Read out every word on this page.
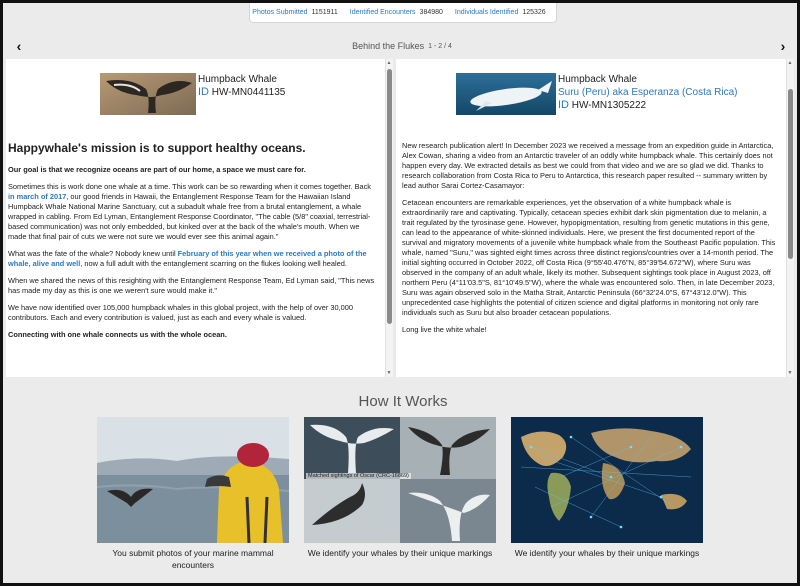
Photos Submitted 1151911 Identified Encounters 384980 Individuals Identified 125326
‹	Behind the Flukes 1 - 2 / 4	›
Humpback Whale
ID HW-MN0441135
Happywhale's mission is to support healthy oceans.

Our goal is that we recognize oceans are part of our home, a space we must care for.

Sometimes this is work done one whale at a time. This work can be so rewarding when it comes together. Back in march of 2017, our good friends in Hawaii, the Entanglement Response Team for the Hawaiian Island Humpback Whale National Marine Sanctuary, cut a subadult whale free from a brutal entanglement, a whale wrapped in cabling. From Ed Lyman, Entanglement Response Coordinator, "The cable (5/8" coaxial, terrestrial-based communication) was not only embedded, but kinked over at the back of the whale's mouth. When we made that final pair of cuts we were not sure we would ever see this animal again."

What was the fate of the whale? Nobody knew until February of this year when we received a photo of the whale, alive and well, now a full adult with the entanglement scarring on the flukes looking well healed.

When we shared the news of this resighting with the Entanglement Response Team, Ed Lyman said, "This news has made my day as this is one we weren't sure would make it."

We have now identified over 105,000 humpback whales in this global project, with the help of over 30,000 contributors. Each and every contribution is valued, just as each and every whale is valued.

Connecting with one whale connects us with the whole ocean.

▲
▼
Humpback Whale
Suru (Peru) aka Esperanza (Costa Rica)
ID HW-MN1305222

New research publication alert! In December 2023 we received a message from an expedition guide in Antarctica, Alex Cowan, sharing a video from an Antarctic traveler of an oddly white humpback whale. This certainly does not happen every day. We extracted details as best we could from that video and we are so glad we did. Thanks to research collaboration from Costa Rica to Peru to Antarctica, this research paper resulted -- summary written by lead author Sarai Cortez-Casamayor:

Cetacean encounters are remarkable experiences, yet the observation of a white humpback whale is extraordinarily rare and captivating. Typically, cetacean species exhibit dark skin pigmentation due to melanin, a trait regulated by the tyrosinase gene. However, hypopigmentation, resulting from genetic mutations in this gene, can lead to the appearance of white-skinned individuals. Here, we present the first documented report of the survival and migratory movements of a juvenile white humpback whale from the Southeast Pacific population. This whale, named "Suru," was sighted eight times across three distinct regions/countries over a 14-month period. The initial sighting occurred in October 2022, off Costa Rica (9°55'40.476"N, 85°39'54.672"W), where Suru was observed in the company of an adult whale, likely its mother. Subsequent sightings took place in August 2023, off northern Peru (4°11'03.5"S, 81°10'49.5"W), where the whale was encountered solo. Then, in late December 2023, Suru was again observed solo in the Matha Strait, Antarctic Peninsula (66°32'24.0"S, 67°43'12.0"W). This unprecedented case highlights the potential of citizen science and digital platforms in monitoring not only rare individuals such as Suru but also broader cetacean populations.

Long live the white whale!

▲
▼
How It Works
You submit photos of your marine mammal encounters
We identify your whales by their unique markings
Matched sightings of Oscar (CRC-16869)
We identify your whales by their unique markings
